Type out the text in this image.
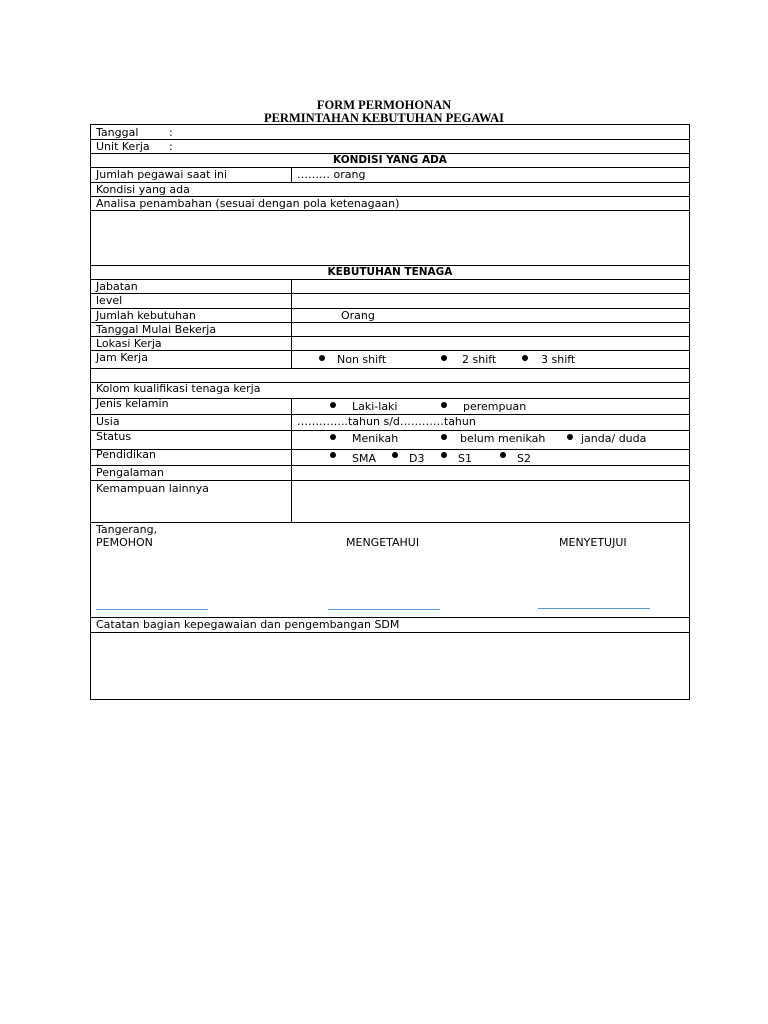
FORM PERMOHONAN
PERMINTAHAN KEBUTUHAN PEGAWAI
Tanggal	:
Unit Kerja :
KONDISI YANG ADA
Jumlah pegawai saat ini	……… orang
Kondisi yang ada
Analisa penambahan (sesuai dengan pola ketenagaan)
KEBUTUHAN TENAGA
Jabatan
level
Jumlah kebutuhan	Orang
Tanggal Mulai Bekerja
Lokasi Kerja
Jam Kerja	Non shift	2 shift	3 shift
Kolom kualifikasi tenaga kerja
Jenis kelamin	Laki-laki	perempuan
Usia	…………..tahun s/d…………tahun
Status	Menikah	belum menikah	janda/ duda
Pendidikan	SMA	D3	S1	S2
Pengalaman
Kemampuan lainnya
Tangerang,
PEMOHON	MENGETAHUI	MENYETUJUI
Catatan bagian kepegawaian dan pengembangan SDM
